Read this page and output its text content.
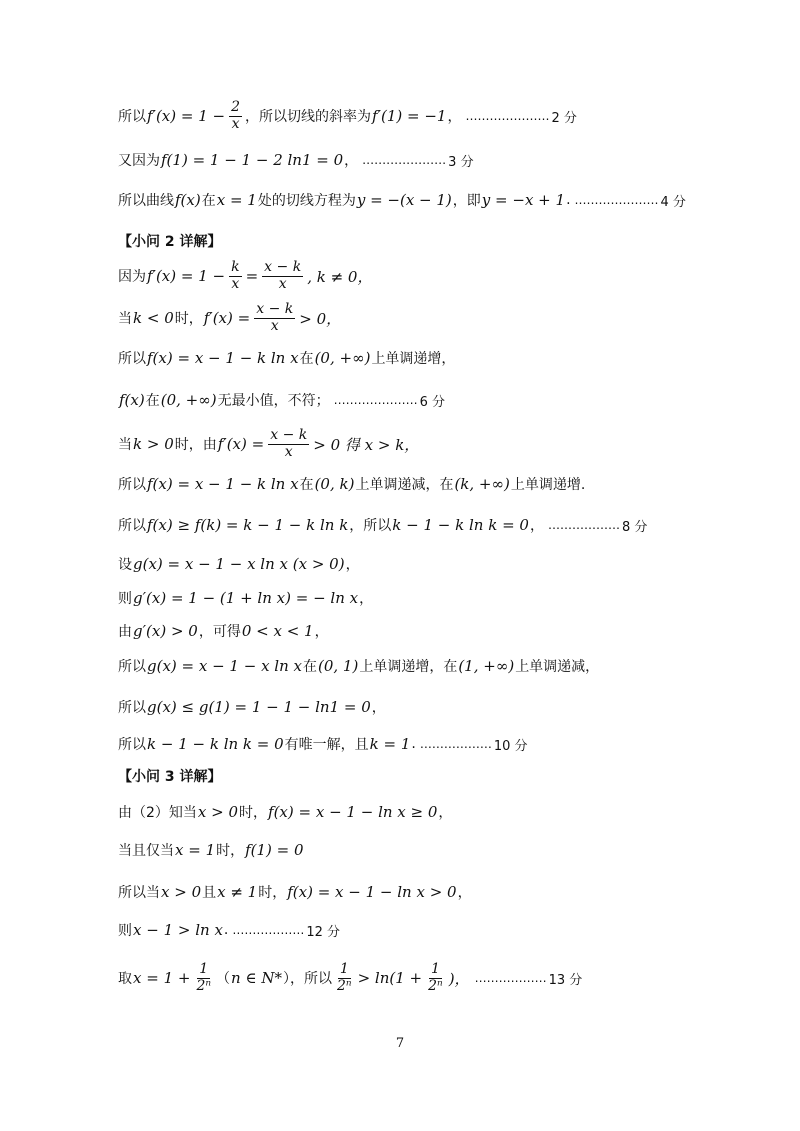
所以 $f'(x) = 1 - \frac{2}{x}$ ，所以切线的斜率为 f′(1) = −1 ， ………………… 2 分
又因为 f(1) = 1 − 1 − 2 ln1 = 0 ， ………………… 3 分
所以曲线 f(x) 在 x = 1 处的切线方程为 y = −(x − 1) ，即 y = −x + 1 . ………………… 4 分
【小问 2 详解】
因为 $f'(x) = 1 - \frac{k}{x} = \frac{x - k}{x}$ , k ≠ 0，
当 k < 0 时， $f'(x) = \frac{x - k}{x} > 0$，
所以 f(x) = x − 1 − k ln x 在 (0, +∞) 上单调递增，
f(x) 在 (0, +∞) 无最小值，不符； ………………… 6 分
当 k > 0 时，由 $f'(x) = \frac{x - k}{x} > 0$ 得 x > k，
所以 f(x) = x − 1 − k ln x 在 (0, k) 上单调递减，在 (k, +∞) 上单调递增.
所以 f(x) ≥ f(k) = k − 1 − k ln k ，所以 k − 1 − k ln k = 0 ， ……………… 8 分
设 g(x) = x − 1 − x ln x (x > 0) ，
则 g′(x) = 1 − (1 + ln x) = − ln x ，
由 g′(x) > 0 ，可得 0 < x < 1 ，
所以 g(x) = x − 1 − x ln x 在 (0, 1) 上单调递增，在 (1, +∞) 上单调递减，
所以 g(x) ≤ g(1) = 1 − 1 − ln1 = 0 ，
所以 k − 1 − k ln k = 0 有唯一解，且 k = 1 . ……………… 10 分
【小问 3 详解】
由（2）知当 x > 0 时， f(x) = x − 1 − ln x ≥ 0 ，
当且仅当 x = 1 时， f(1) = 0
所以当 x > 0 且 x ≠ 1 时， f(x) = x − 1 − ln x > 0 ，
则 x − 1 > ln x . ……………… 12 分
取 $x = 1 + \frac{1}{\text{2ⁿ}}$ （ n ∈ N* ），所以 $\frac{1}{\text{2ⁿ}} > \ln(1 + \frac{1}{\text{2ⁿ}}$ )， ……………… 13 分
7
